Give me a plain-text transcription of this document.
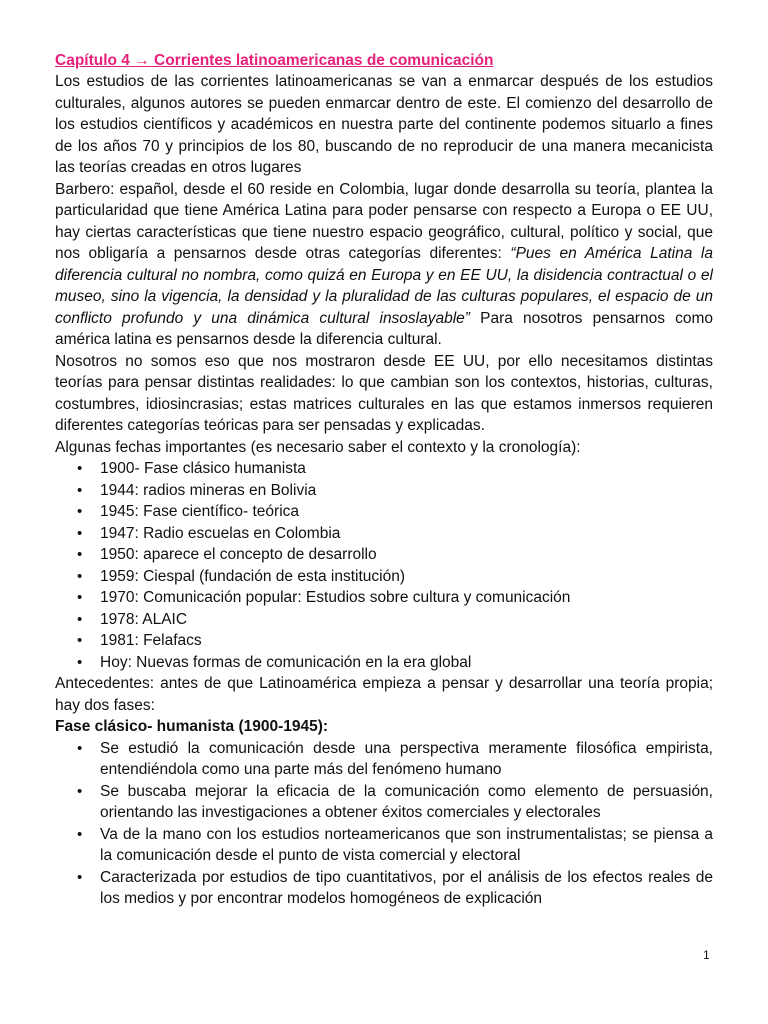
Capítulo 4 → Corrientes latinoamericanas de comunicación

Los estudios de las corrientes latinoamericanas se van a enmarcar después de los estudios culturales, algunos autores se pueden enmarcar dentro de este. El comienzo del desarrollo de los estudios científicos y académicos en nuestra parte del continente podemos situarlo a fines de los años 70 y principios de los 80, buscando de no reproducir de una manera mecanicista las teorías creadas en otros lugares

Barbero: español, desde el 60 reside en Colombia, lugar donde desarrolla su teoría, plantea la particularidad que tiene América Latina para poder pensarse con respecto a Europa o EE UU, hay ciertas características que tiene nuestro espacio geográfico, cultural, político y social, que nos obligaría a pensarnos desde otras categorías diferentes: “Pues en América Latina la diferencia cultural no nombra, como quizá en Europa y en EE UU, la disidencia contractual o el museo, sino la vigencia, la densidad y la pluralidad de las culturas populares, el espacio de un conflicto profundo y una dinámica cultural insoslayable” Para nosotros pensarnos como américa latina es pensarnos desde la diferencia cultural.

Nosotros no somos eso que nos mostraron desde EE UU, por ello necesitamos distintas teorías para pensar distintas realidades: lo que cambian son los contextos, historias, culturas, costumbres, idiosincrasias; estas matrices culturales en las que estamos inmersos requieren diferentes categorías teóricas para ser pensadas y explicadas.

Algunas fechas importantes (es necesario saber el contexto y la cronología):

• 1900- Fase clásico humanista
• 1944: radios mineras en Bolivia
• 1945: Fase científico- teórica
• 1947: Radio escuelas en Colombia
• 1950: aparece el concepto de desarrollo
• 1959: Ciespal (fundación de esta institución)
• 1970: Comunicación popular: Estudios sobre cultura y comunicación
• 1978: ALAIC
• 1981: Felafacs
• Hoy: Nuevas formas de comunicación en la era global

Antecedentes: antes de que Latinoamérica empieza a pensar y desarrollar una teoría propia; hay dos fases:

Fase clásico- humanista (1900-1945):
• Se estudió la comunicación desde una perspectiva meramente filosófica empirista, entendiéndola como una parte más del fenómeno humano
• Se buscaba mejorar la eficacia de la comunicación como elemento de persuasión, orientando las investigaciones a obtener éxitos comerciales y electorales
• Va de la mano con los estudios norteamericanos que son instrumentalistas; se piensa a la comunicación desde el punto de vista comercial y electoral
• Caracterizada por estudios de tipo cuantitativos, por el análisis de los efectos reales de los medios y por encontrar modelos homogéneos de explicación
1
